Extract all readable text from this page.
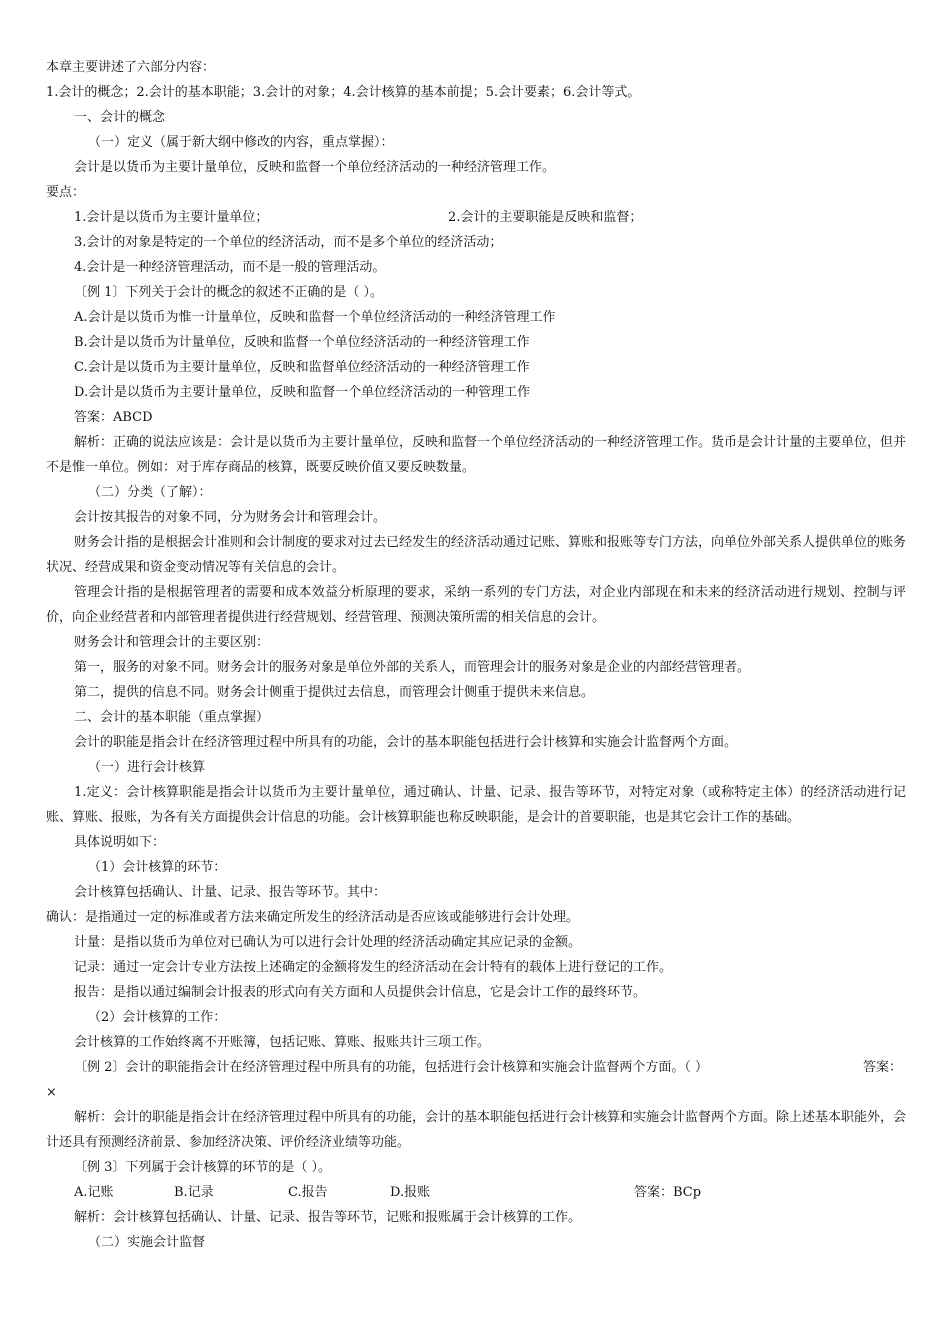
本章主要讲述了六部分内容：
1.会计的概念；2.会计的基本职能；3.会计的对象；4.会计核算的基本前提；5.会计要素；6.会计等式。
一、会计的概念
（一）定义（属于新大纲中修改的内容，重点掌握）：
会计是以货币为主要计量单位，反映和监督一个单位经济活动的一种经济管理工作。
要点：
1.会计是以货币为主要计量单位；	2.会计的主要职能是反映和监督；
3.会计的对象是特定的一个单位的经济活动，而不是多个单位的经济活动；
4.会计是一种经济管理活动，而不是一般的管理活动。
〔例 1〕下列关于会计的概念的叙述不正确的是（ ）。
A.会计是以货币为惟一计量单位，反映和监督一个单位经济活动的一种经济管理工作
B.会计是以货币为计量单位，反映和监督一个单位经济活动的一种经济管理工作
C.会计是以货币为主要计量单位，反映和监督单位经济活动的一种经济管理工作
D.会计是以货币为主要计量单位，反映和监督一个单位经济活动的一种管理工作
答案：ABCD
解析：正确的说法应该是：会计是以货币为主要计量单位，反映和监督一个单位经济活动的一种经济管理工作。货币是会计计量的主要单位，但并不是惟一单位。例如：对于库存商品的核算，既要反映价值又要反映数量。
（二）分类（了解）：
会计按其报告的对象不同，分为财务会计和管理会计。
财务会计指的是根据会计准则和会计制度的要求对过去已经发生的经济活动通过记账、算账和报账等专门方法，向单位外部关系人提供单位的账务状况、经营成果和资金变动情况等有关信息的会计。
管理会计指的是根据管理者的需要和成本效益分析原理的要求，采纳一系列的专门方法，对企业内部现在和未来的经济活动进行规划、控制与评价，向企业经营者和内部管理者提供进行经营规划、经营管理、预测决策所需的相关信息的会计。
财务会计和管理会计的主要区别：
第一，服务的对象不同。财务会计的服务对象是单位外部的关系人，而管理会计的服务对象是企业的内部经营管理者。
第二，提供的信息不同。财务会计侧重于提供过去信息，而管理会计侧重于提供未来信息。
二、会计的基本职能（重点掌握）
会计的职能是指会计在经济管理过程中所具有的功能，会计的基本职能包括进行会计核算和实施会计监督两个方面。
（一）进行会计核算
1.定义：会计核算职能是指会计以货币为主要计量单位，通过确认、计量、记录、报告等环节，对特定对象（或称特定主体）的经济活动进行记账、算账、报账，为各有关方面提供会计信息的功能。会计核算职能也称反映职能，是会计的首要职能，也是其它会计工作的基础。
具体说明如下：
（1）会计核算的环节：
会计核算包括确认、计量、记录、报告等环节。其中：
确认：是指通过一定的标准或者方法来确定所发生的经济活动是否应该或能够进行会计处理。
计量：是指以货币为单位对已确认为可以进行会计处理的经济活动确定其应记录的金额。
记录：通过一定会计专业方法按上述确定的金额将发生的经济活动在会计特有的载体上进行登记的工作。
报告：是指以通过编制会计报表的形式向有关方面和人员提供会计信息，它是会计工作的最终环节。
（2）会计核算的工作：
会计核算的工作始终离不开账簿，包括记账、算账、报账共计三项工作。
〔例 2〕会计的职能指会计在经济管理过程中所具有的功能，包括进行会计核算和实施会计监督两个方面。（ ）	答案：
×
解析：会计的职能是指会计在经济管理过程中所具有的功能，会计的基本职能包括进行会计核算和实施会计监督两个方面。除上述基本职能外，会计还具有预测经济前景、参加经济决策、评价经济业绩等功能。
〔例 3〕下列属于会计核算的环节的是（ ）。
A.记账	B.记录	C.报告	D.报账	答案：BCp
解析：会计核算包括确认、计量、记录、报告等环节，记账和报账属于会计核算的工作。
（二）实施会计监督
